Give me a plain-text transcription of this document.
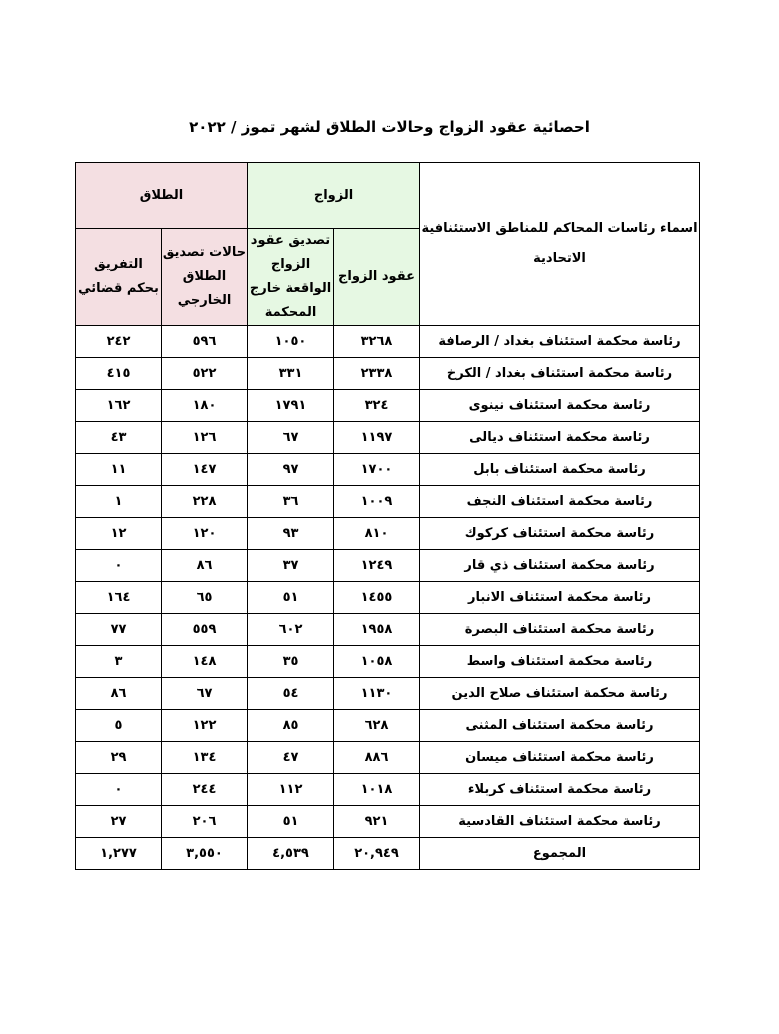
احصائية عقود الزواج وحالات الطلاق لشهر تموز / ٢٠٢٢
اسماء رئاسات المحاكم للمناطق الاستئنافية الاتحادية	الزواج		الطلاق	
	عقود الزواج	تصديق عقود الزواج الواقعة خارج المحكمة	حالات تصديق الطلاق الخارجي	التفريق بحكم قضائي
رئاسة محكمة استئناف بغداد / الرصافة	٣٢٦٨	١٠٥٠	٥٩٦	٢٤٢
رئاسة محكمة استئناف بغداد / الكرخ	٢٣٣٨	٣٣١	٥٢٢	٤١٥
رئاسة محكمة استئناف نينوى	٣٢٤	١٧٩١	١٨٠	١٦٢
رئاسة محكمة استئناف ديالى	١١٩٧	٦٧	١٢٦	٤٣
رئاسة محكمة استئناف بابل	١٧٠٠	٩٧	١٤٧	١١
رئاسة محكمة استئناف النجف	١٠٠٩	٣٦	٢٢٨	١
رئاسة محكمة استئناف كركوك	٨١٠	٩٣	١٢٠	١٢
رئاسة محكمة استئناف ذي قار	١٢٤٩	٣٧	٨٦	٠
رئاسة محكمة استئناف الانبار	١٤٥٥	٥١	٦٥	١٦٤
رئاسة محكمة استئناف البصرة	١٩٥٨	٦٠٢	٥٥٩	٧٧
رئاسة محكمة استئناف واسط	١٠٥٨	٣٥	١٤٨	٣
رئاسة محكمة استئناف صلاح الدين	١١٣٠	٥٤	٦٧	٨٦
رئاسة محكمة استئناف المثنى	٦٢٨	٨٥	١٢٢	٥
رئاسة محكمة استئناف ميسان	٨٨٦	٤٧	١٣٤	٢٩
رئاسة محكمة استئناف كربلاء	١٠١٨	١١٢	٢٤٤	٠
رئاسة محكمة استئناف القادسية	٩٢١	٥١	٢٠٦	٢٧
المجموع	٢٠,٩٤٩	٤,٥٣٩	٣,٥٥٠	١,٢٧٧
